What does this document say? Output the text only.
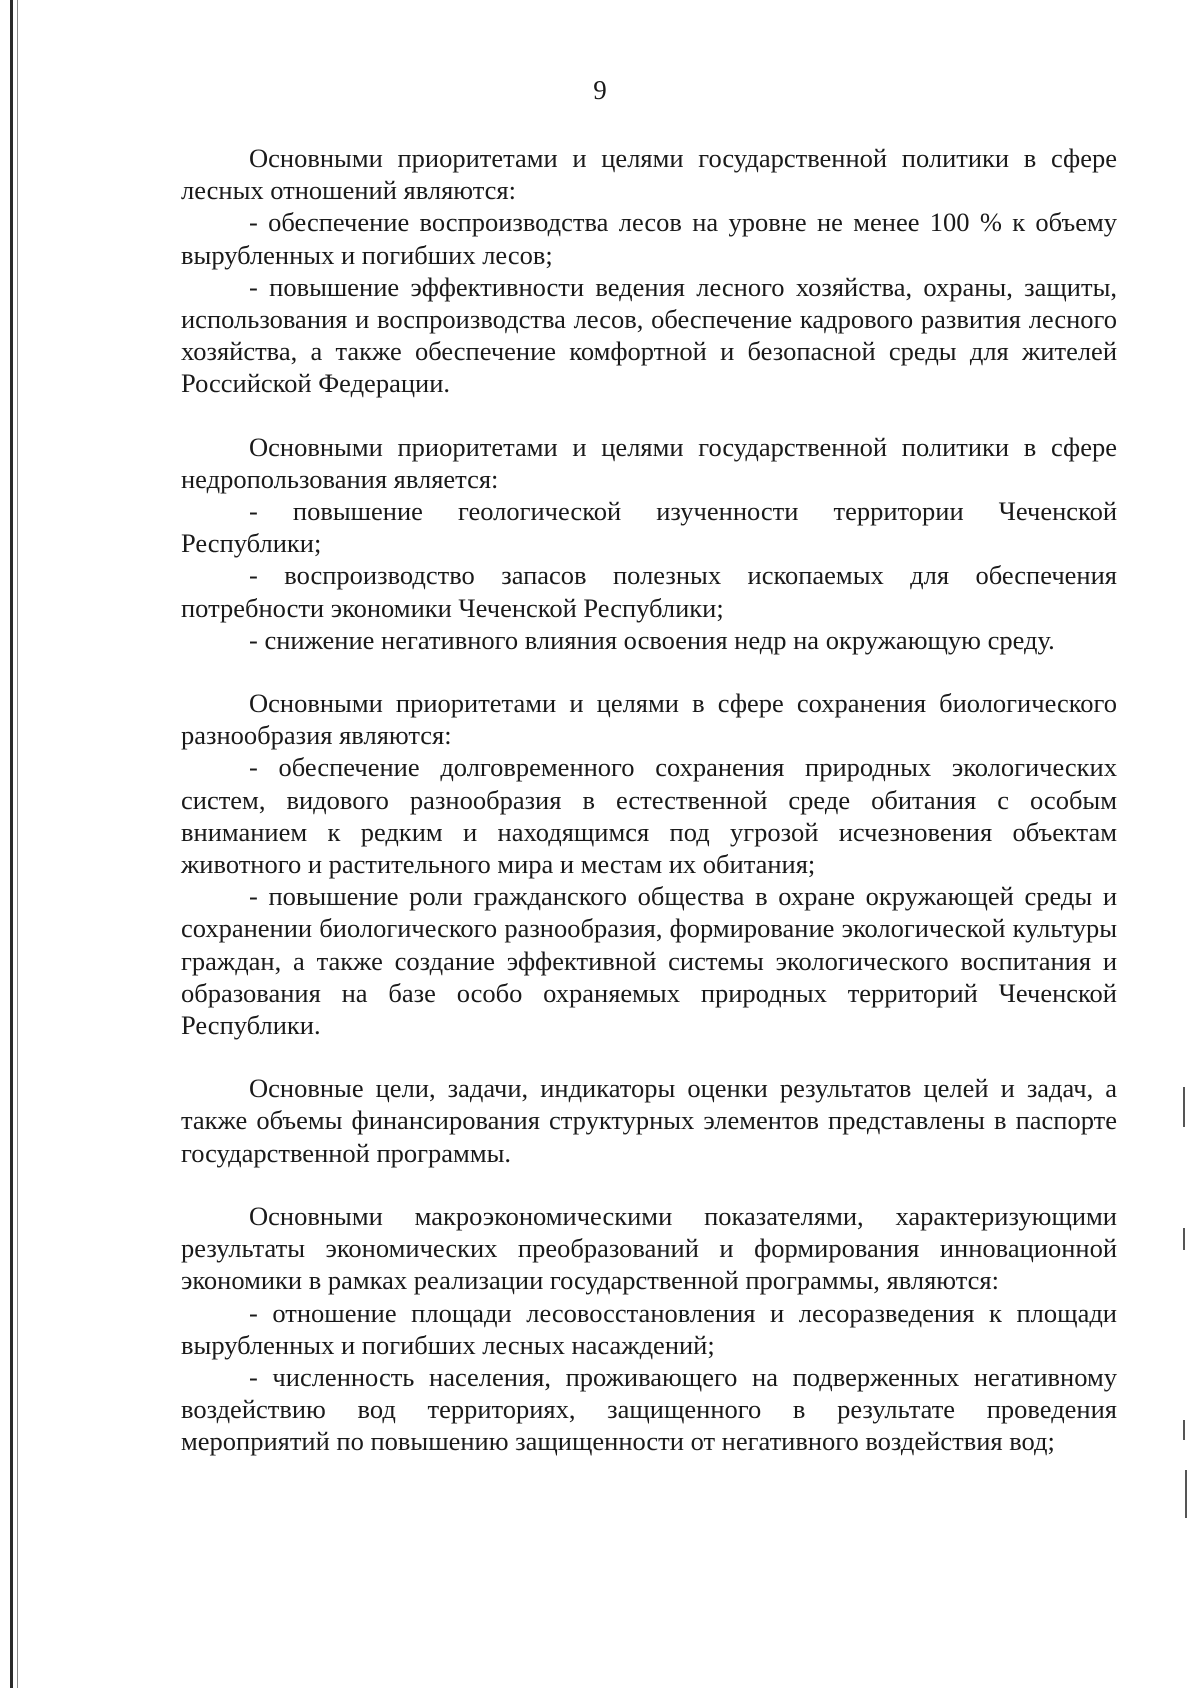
9

Основными приоритетами и целями государственной политики в сфере лесных отношений являются:

- обеспечение воспроизводства лесов на уровне не менее 100 % к объему вырубленных и погибших лесов;

- повышение эффективности ведения лесного хозяйства, охраны, защиты, использования и воспроизводства лесов, обеспечение кадрового развития лесного хозяйства, а также обеспечение комфортной и безопасной среды для жителей Российской Федерации.

Основными приоритетами и целями государственной политики в сфере недропользования является:

- повышение геологической изученности территории Чеченской Республики;

- воспроизводство запасов полезных ископаемых для обеспечения потребности экономики Чеченской Республики;

- снижение негативного влияния освоения недр на окружающую среду.

Основными приоритетами и целями в сфере сохранения биологического разнообразия являются:

- обеспечение долговременного сохранения природных экологических систем, видового разнообразия в естественной среде обитания с особым вниманием к редким и находящимся под угрозой исчезновения объектам животного и растительного мира и местам их обитания;

- повышение роли гражданского общества в охране окружающей среды и сохранении биологического разнообразия, формирование экологической культуры граждан, а также создание эффективной системы экологического воспитания и образования на базе особо охраняемых природных территорий Чеченской Республики.

Основные цели, задачи, индикаторы оценки результатов целей и задач, а также объемы финансирования структурных элементов представлены в паспорте государственной программы.

Основными макроэкономическими показателями, характеризующими результаты экономических преобразований и формирования инновационной экономики в рамках реализации государственной программы, являются:

- отношение площади лесовосстановления и лесоразведения к площади вырубленных и погибших лесных насаждений;

- численность населения, проживающего на подверженных негативному воздействию вод территориях, защищенного в результате проведения мероприятий по повышению защищенности от негативного воздействия вод;
